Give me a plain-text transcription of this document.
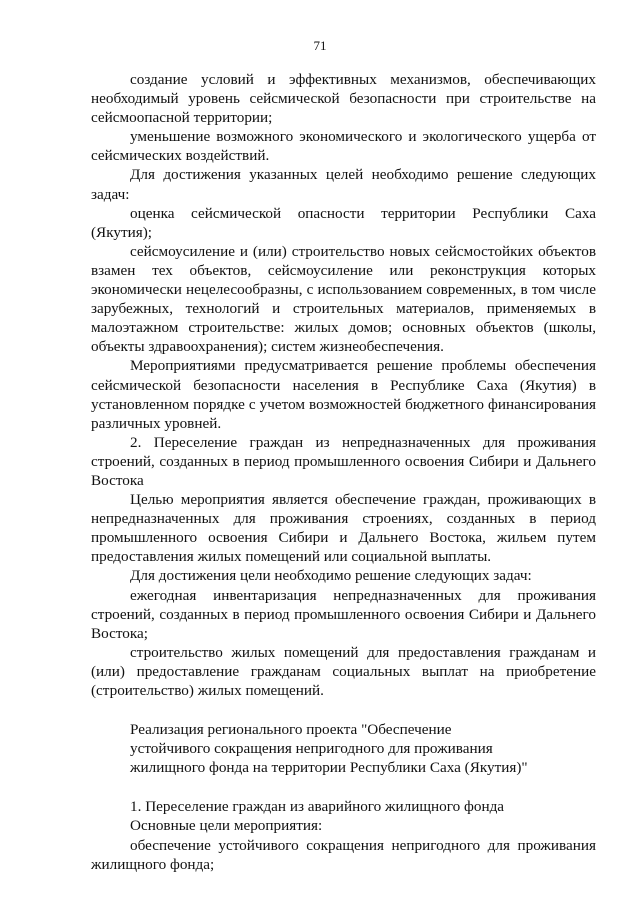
71

создание условий и эффективных механизмов, обеспечивающих необходимый уровень сейсмической безопасности при строительстве на сейсмоопасной территории;

уменьшение возможного экономического и экологического ущерба от сейсмических воздействий.

Для достижения указанных целей необходимо решение следующих задач:

оценка сейсмической опасности территории Республики Саха (Якутия);

сейсмоусиление и (или) строительство новых сейсмостойких объектов взамен тех объектов, сейсмоусиление или реконструкция которых экономически нецелесообразны, с использованием современных, в том числе зарубежных, технологий и строительных материалов, применяемых в малоэтажном строительстве: жилых домов; основных объектов (школы, объекты здравоохранения); систем жизнеобеспечения.

Мероприятиями предусматривается решение проблемы обеспечения сейсмической безопасности населения в Республике Саха (Якутия) в установленном порядке с учетом возможностей бюджетного финансирования различных уровней.

2. Переселение граждан из непредназначенных для проживания строений, созданных в период промышленного освоения Сибири и Дальнего Востока

Целью мероприятия является обеспечение граждан, проживающих в непредназначенных для проживания строениях, созданных в период промышленного освоения Сибири и Дальнего Востока, жильем путем предоставления жилых помещений или социальной выплаты.

Для достижения цели необходимо решение следующих задач:

ежегодная инвентаризация непредназначенных для проживания строений, созданных в период промышленного освоения Сибири и Дальнего Востока;

строительство жилых помещений для предоставления гражданам и (или) предоставление гражданам социальных выплат на приобретение (строительство) жилых помещений.

Реализация регионального проекта "Обеспечение
устойчивого сокращения непригодного для проживания
жилищного фонда на территории Республики Саха (Якутия)"

1. Переселение граждан из аварийного жилищного фонда

Основные цели мероприятия:

обеспечение устойчивого сокращения непригодного для проживания жилищного фонда;
